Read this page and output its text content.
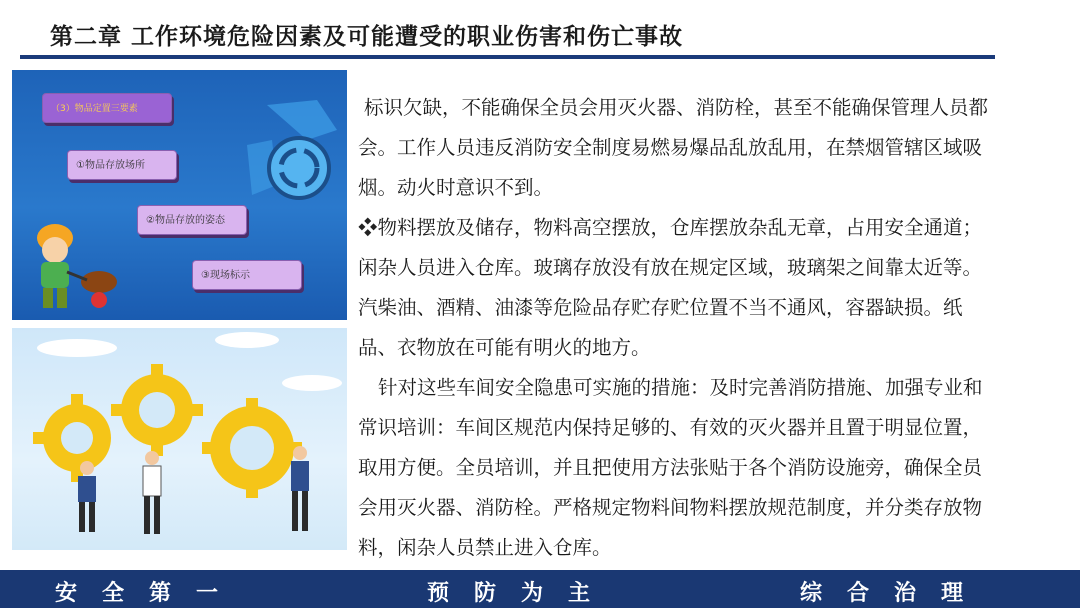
第二章 工作环境危险因素及可能遭受的职业伤害和伤亡事故
（3）物品定置三要素
①物品存放场所
②物品存放的姿态
③现场标示

标识欠缺，不能确保全员会用灭火器、消防栓，甚至不能确保管理人员都会。工作人员违反消防安全制度易燃易爆品乱放乱用，在禁烟管辖区域吸烟。动火时意识不到。

❖物料摆放及储存，物料高空摆放，仓库摆放杂乱无章，占用安全通道；闲杂人员进入仓库。玻璃存放没有放在规定区域，玻璃架之间靠太近等。汽柴油、酒精、油漆等危险品存贮存贮位置不当不通风，容器缺损。纸品、衣物放在可能有明火的地方。

针对这些车间安全隐患可实施的措施：及时完善消防措施、加强专业和常识培训：车间区规范内保持足够的、有效的灭火器并且置于明显位置，取用方便。全员培训，并且把使用方法张贴于各个消防设施旁，确保全员会用灭火器、消防栓。严格规定物料间物料摆放规范制度，并分类存放物料，闲杂人员禁止进入仓库。

安全第一	预防为主	综合治理
